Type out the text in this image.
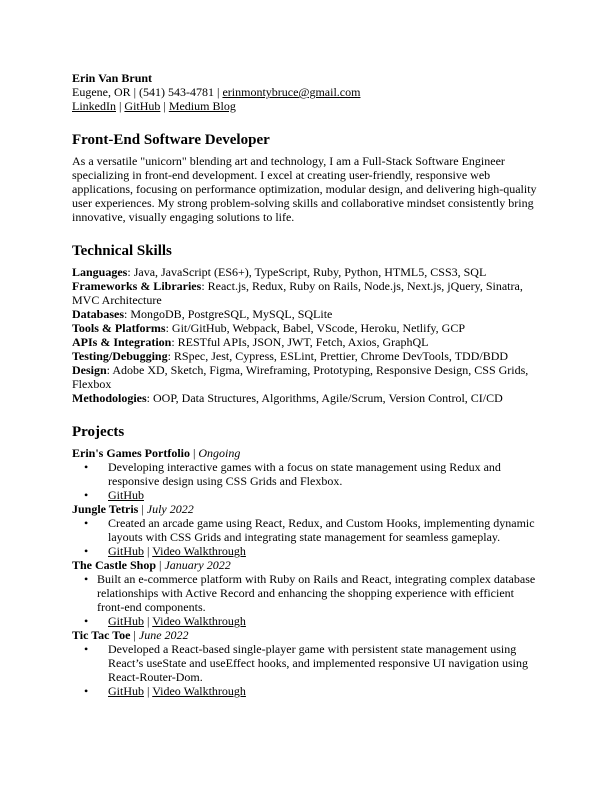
Erin Van Brunt
Eugene, OR | (541) 543-4781 | erinmontybruce@gmail.com
LinkedIn | GitHub | Medium Blog
Front-End Software Developer

As a versatile "unicorn" blending art and technology, I am a Full-Stack Software Engineer specializing in front-end development. I excel at creating user-friendly, responsive web applications, focusing on performance optimization, modular design, and delivering high-quality user experiences. My strong problem-solving skills and collaborative mindset consistently bring innovative, visually engaging solutions to life.

Technical Skills
Languages: Java, JavaScript (ES6+), TypeScript, Ruby, Python, HTML5, CSS3, SQL
Frameworks & Libraries: React.js, Redux, Ruby on Rails, Node.js, Next.js, jQuery, Sinatra, MVC Architecture
Databases: MongoDB, PostgreSQL, MySQL, SQLite
Tools & Platforms: Git/GitHub, Webpack, Babel, VScode, Heroku, Netlify, GCP
APIs & Integration: RESTful APIs, JSON, JWT, Fetch, Axios, GraphQL
Testing/Debugging: RSpec, Jest, Cypress, ESLint, Prettier, Chrome DevTools, TDD/BDD
Design: Adobe XD, Sketch, Figma, Wireframing, Prototyping, Responsive Design, CSS Grids, Flexbox
Methodologies: OOP, Data Structures, Algorithms, Agile/Scrum, Version Control, CI/CD
Projects
Erin's Games Portfolio | Ongoing
• Developing interactive games with a focus on state management using Redux and responsive design using CSS Grids and Flexbox.
• GitHub
Jungle Tetris | July 2022
• Created an arcade game using React, Redux, and Custom Hooks, implementing dynamic layouts with CSS Grids and integrating state management for seamless gameplay.
• GitHub | Video Walkthrough
The Castle Shop | January 2022
• Built an e-commerce platform with Ruby on Rails and React, integrating complex database relationships with Active Record and enhancing the shopping experience with efficient front-end components.
• GitHub | Video Walkthrough
Tic Tac Toe | June 2022
• Developed a React-based single-player game with persistent state management using React’s useState and useEffect hooks, and implemented responsive UI navigation using React-Router-Dom.
• GitHub | Video Walkthrough
